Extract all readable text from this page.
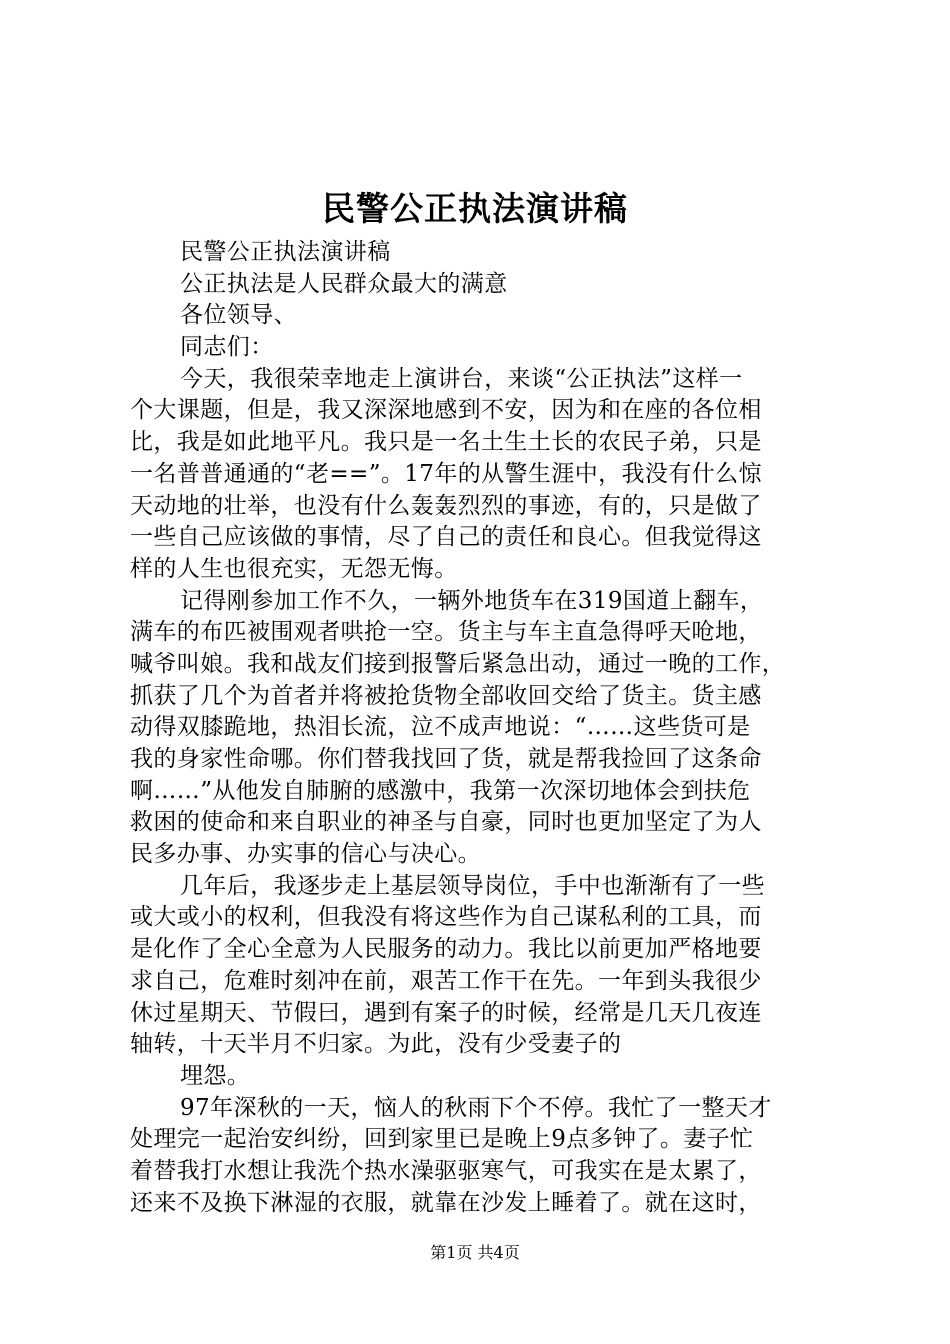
民警公正执法演讲稿
民警公正执法演讲稿
公正执法是人民群众最大的满意
各位领导、
同志们：
今天，我很荣幸地走上演讲台，来谈“公正执法”这样一
个大课题，但是，我又深深地感到不安，因为和在座的各位相
比，我是如此地平凡。我只是一名土生土长的农民子弟，只是
一名普普通通的“老==”。17年的从警生涯中，我没有什么惊
天动地的壮举，也没有什么轰轰烈烈的事迹，有的，只是做了
一些自己应该做的事情，尽了自己的责任和良心。但我觉得这
样的人生也很充实，无怨无悔。
记得刚参加工作不久，一辆外地货车在319国道上翻车，
满车的布匹被围观者哄抢一空。货主与车主直急得呼天呛地，
喊爷叫娘。我和战友们接到报警后紧急出动，通过一晚的工作，
抓获了几个为首者并将被抢货物全部收回交给了货主。货主感
动得双膝跪地，热泪长流，泣不成声地说：“……这些货可是
我的身家性命哪。你们替我找回了货，就是帮我捡回了这条命
啊……”从他发自肺腑的感激中，我第一次深切地体会到扶危
救困的使命和来自职业的神圣与自豪，同时也更加坚定了为人
民多办事、办实事的信心与决心。
几年后，我逐步走上基层领导岗位，手中也渐渐有了一些
或大或小的权利，但我没有将这些作为自己谋私利的工具，而
是化作了全心全意为人民服务的动力。我比以前更加严格地要
求自己，危难时刻冲在前，艰苦工作干在先。一年到头我很少
休过星期天、节假曰，遇到有案子的时候，经常是几天几夜连
轴转，十天半月不归家。为此，没有少受妻子的
埋怨。
97年深秋的一天，恼人的秋雨下个不停。我忙了一整天才
处理完一起治安纠纷，回到家里已是晚上9点多钟了。妻子忙
着替我打水想让我洗个热水澡驱驱寒气，可我实在是太累了，
还来不及换下淋湿的衣服，就靠在沙发上睡着了。就在这时，
第1页 共4页
